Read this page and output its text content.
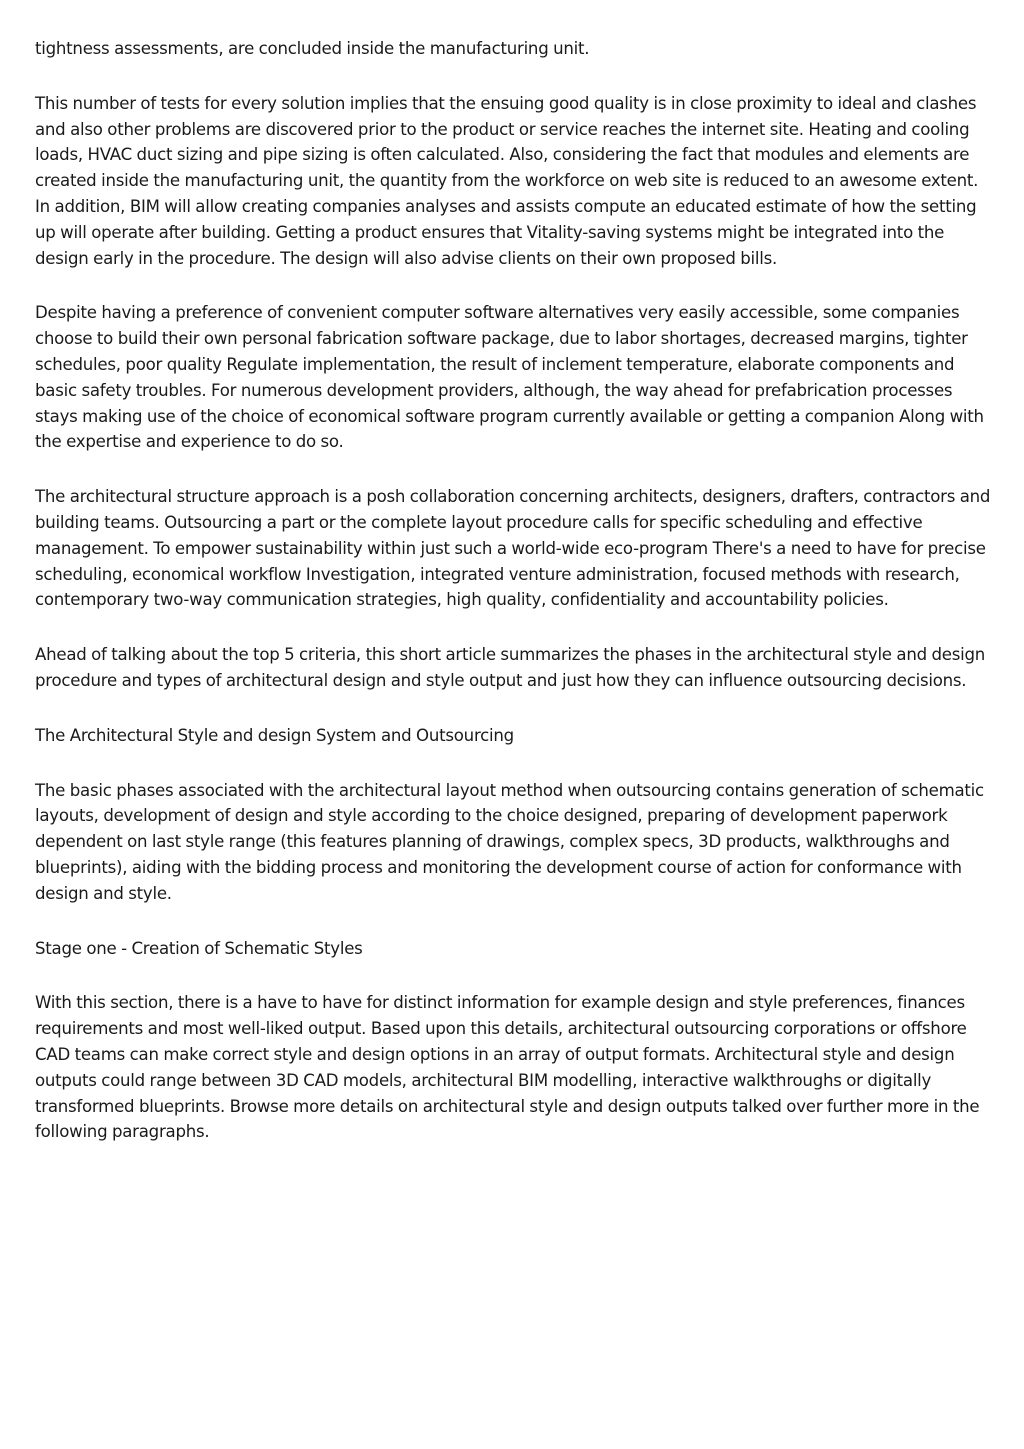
tightness assessments, are concluded inside the manufacturing unit.

This number of tests for every solution implies that the ensuing good quality is in close proximity to ideal and clashes and also other problems are discovered prior to the product or service reaches the internet site. Heating and cooling loads, HVAC duct sizing and pipe sizing is often calculated. Also, considering the fact that modules and elements are created inside the manufacturing unit, the quantity from the workforce on web site is reduced to an awesome extent. In addition, BIM will allow creating companies analyses and assists compute an educated estimate of how the setting up will operate after building. Getting a product ensures that Vitality-saving systems might be integrated into the design early in the procedure. The design will also advise clients on their own proposed bills.

Despite having a preference of convenient computer software alternatives very easily accessible, some companies choose to build their own personal fabrication software package, due to labor shortages, decreased margins, tighter schedules, poor quality Regulate implementation, the result of inclement temperature, elaborate components and basic safety troubles. For numerous development providers, although, the way ahead for prefabrication processes stays making use of the choice of economical software program currently available or getting a companion Along with the expertise and experience to do so.

The architectural structure approach is a posh collaboration concerning architects, designers, drafters, contractors and building teams. Outsourcing a part or the complete layout procedure calls for specific scheduling and effective management. To empower sustainability within just such a world-wide eco-program There's a need to have for precise scheduling, economical workflow Investigation, integrated venture administration, focused methods with research, contemporary two-way communication strategies, high quality, confidentiality and accountability policies.

Ahead of talking about the top 5 criteria, this short article summarizes the phases in the architectural style and design procedure and types of architectural design and style output and just how they can influence outsourcing decisions.

The Architectural Style and design System and Outsourcing

The basic phases associated with the architectural layout method when outsourcing contains generation of schematic layouts, development of design and style according to the choice designed, preparing of development paperwork dependent on last style range (this features planning of drawings, complex specs, 3D products, walkthroughs and blueprints), aiding with the bidding process and monitoring the development course of action for conformance with design and style.

Stage one - Creation of Schematic Styles

With this section, there is a have to have for distinct information for example design and style preferences, finances requirements and most well-liked output. Based upon this details, architectural outsourcing corporations or offshore CAD teams can make correct style and design options in an array of output formats. Architectural style and design outputs could range between 3D CAD models, architectural BIM modelling, interactive walkthroughs or digitally transformed blueprints. Browse more details on architectural style and design outputs talked over further more in the following paragraphs.
